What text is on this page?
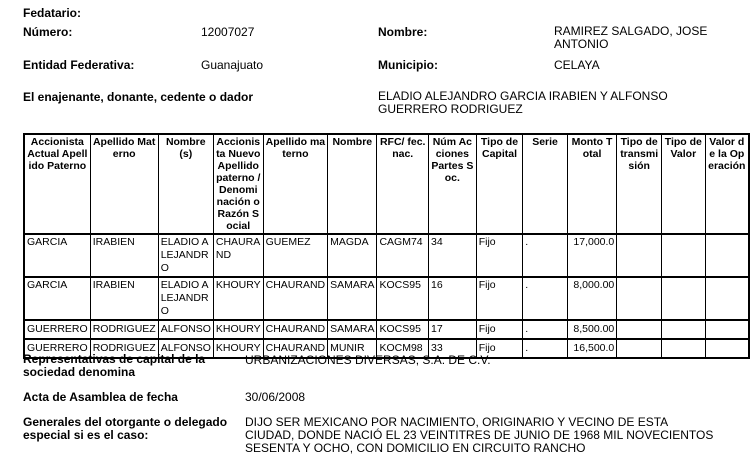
Fedatario:
Número:	12007027	Nombre:	RAMIREZ SALGADO, JOSE ANTONIO
Entidad Federativa:	Guanajuato	Municipio:	CELAYA
El enajenante, donante, cedente o dador	ELADIO ALEJANDRO GARCIA IRABIEN Y ALFONSO GUERRERO RODRIGUEZ
Accionista Actual Apellido Paterno	Apellido Materno	Nombre (s)	Accionista Nuevo Apellido paterno / Denominación o Razón Social	Apellido materno	Nombre	RFC/ fec.nac.	Núm Acciones Partes Soc.	Tipo de Capital	Serie	Monto Total	Tipo de transmisión	Tipo de Valor	Valor de la Operación
GARCIA	IRABIEN	ELADIO ALEJANDRO	CHAURAND	GUEMEZ	MAGDA	CAGM74	34	Fijo	.	17,000.0			
GARCIA	IRABIEN	ELADIO ALEJANDRO	KHOURY	CHAURAND	SAMARA	KOCS95	16	Fijo	.	8,000.00			
GUERRERO	RODRIGUEZ	ALFONSO	KHOURY	CHAURAND	SAMARA	KOCS95	17	Fijo	.	8,500.00			
GUERRERO	RODRIGUEZ	ALFONSO	KHOURY	CHAURAND	MUNIR	KOCM98	33	Fijo	.	16,500.0			
Representativas de capital de la sociedad denomina
URBANIZACIONES DIVERSAS, S.A. DE C.V.
Acta de Asamblea de fecha	30/06/2008
Generales del otorgante o delegado especial si es el caso:
DIJO SER MEXICANO POR NACIMIENTO, ORIGINARIO Y VECINO DE ESTA CIUDAD, DONDE NACIÓ EL 23 VEINTITRES DE JUNIO DE 1968 MIL NOVECIENTOS SESENTA Y OCHO, CON DOMICILIO EN CIRCUITO RANCHO
